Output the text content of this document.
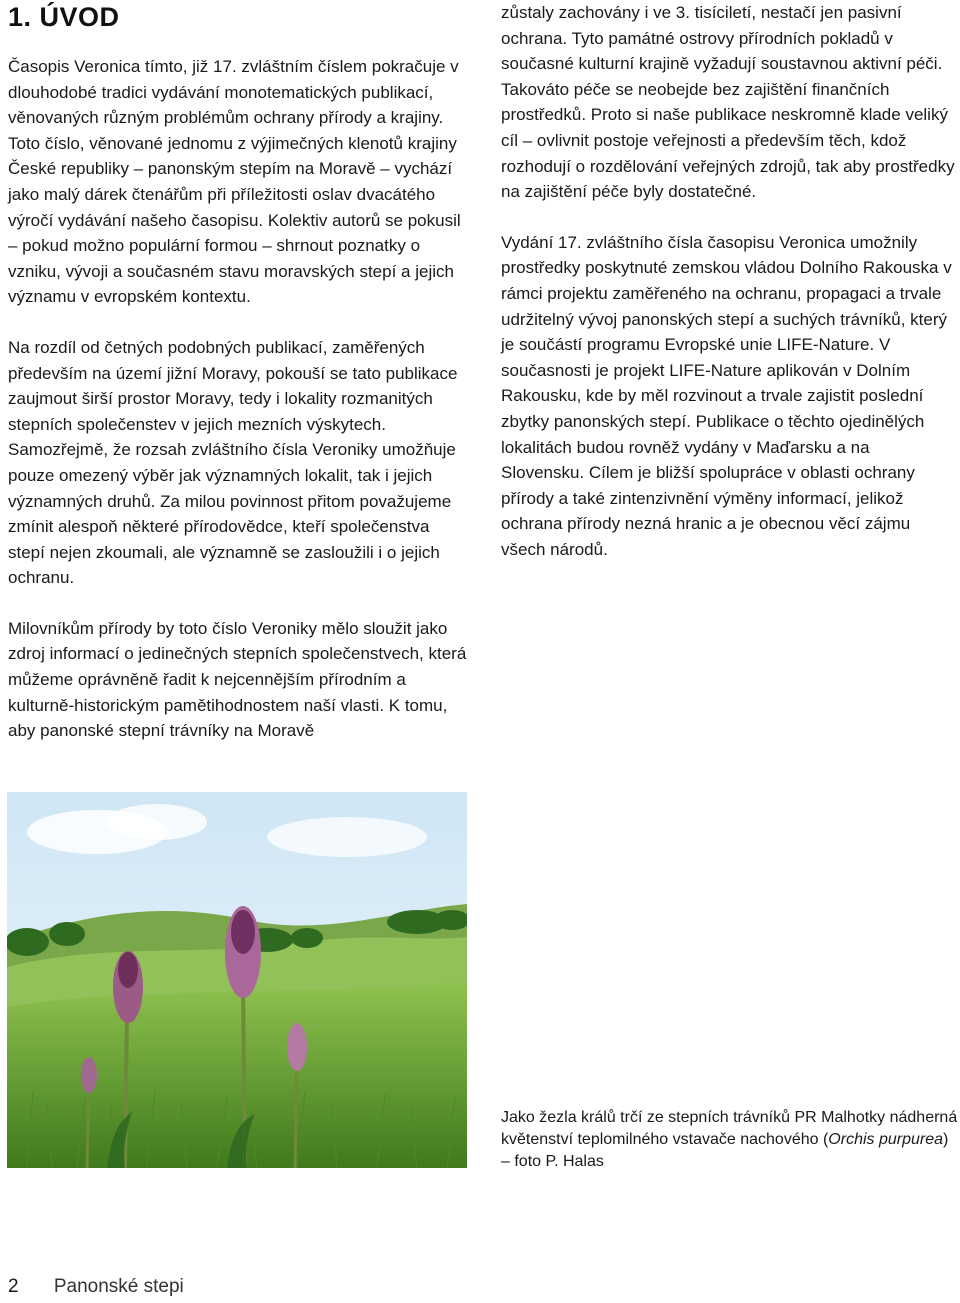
1. ÚVOD

Časopis Veronica tímto, již 17. zvláštním číslem pokračuje v dlouhodobé tradici vydávání monotematických publikací, věnovaných různým problémům ochrany přírody a krajiny. Toto číslo, věnované jednomu z výjimečných klenotů krajiny České republiky – panonským stepím na Moravě – vychází jako malý dárek čtenářům při příležitosti oslav dvacátého výročí vydávání našeho časopisu. Kolektiv autorů se pokusil – pokud možno populární formou – shrnout poznatky o vzniku, vývoji a současném stavu moravských stepí a jejich významu v evropském kontextu.

Na rozdíl od četných podobných publikací, zaměřených především na území jižní Moravy, pokouší se tato publikace zaujmout širší prostor Moravy, tedy i lokality rozmanitých stepních společenstev v jejich mezních výskytech. Samozřejmě, že rozsah zvláštního čísla Veroniky umožňuje pouze omezený výběr jak významných lokalit, tak i jejich významných druhů. Za milou povinnost přitom považujeme zmínit alespoň některé přírodovědce, kteří společenstva stepí nejen zkoumali, ale významně se zasloužili i o jejich ochranu.

Milovníkům přírody by toto číslo Veroniky mělo sloužit jako zdroj informací o jedinečných stepních společenstvech, která můžeme oprávněně řadit k nejcennějším přírodním a kulturně-historickým pamětihodnostem naší vlasti. K tomu, aby panonské stepní trávníky na Moravě

zůstaly zachovány i ve 3. tisíciletí, nestačí jen pasivní ochrana. Tyto památné ostrovy přírodních pokladů v současné kulturní krajině vyžadují soustavnou aktivní péči. Takováto péče se neobejde bez zajištění finančních prostředků. Proto si naše publikace neskromně klade veliký cíl – ovlivnit postoje veřejnosti a především těch, kdož rozhodují o rozdělování veřejných zdrojů, tak aby prostředky na zajištění péče byly dostatečné.

Vydání 17. zvláštního čísla časopisu Veronica umožnily prostředky poskytnuté zemskou vládou Dolního Rakouska v rámci projektu zaměřeného na ochranu, propagaci a trvale udržitelný vývoj panonských stepí a suchých trávníků, který je součástí programu Evropské unie LIFE-Nature. V současnosti je projekt LIFE-Nature aplikován v Dolním Rakousku, kde by měl rozvinout a trvale zajistit poslední zbytky panonských stepí. Publikace o těchto ojedinělých lokalitách budou rovněž vydány v Maďarsku a na Slovensku. Cílem je bližší spolupráce v oblasti ochrany přírody a také zintenzivnění výměny informací, jelikož ochrana přírody nezná hranic a je obecnou věcí zájmu všech národů.

Jako žezla králů trčí ze stepních trávníků PR Malhotky nádherná květenství teplomilného vstavače nachového (Orchis purpurea) – foto P. Halas
2 Panonské stepi
